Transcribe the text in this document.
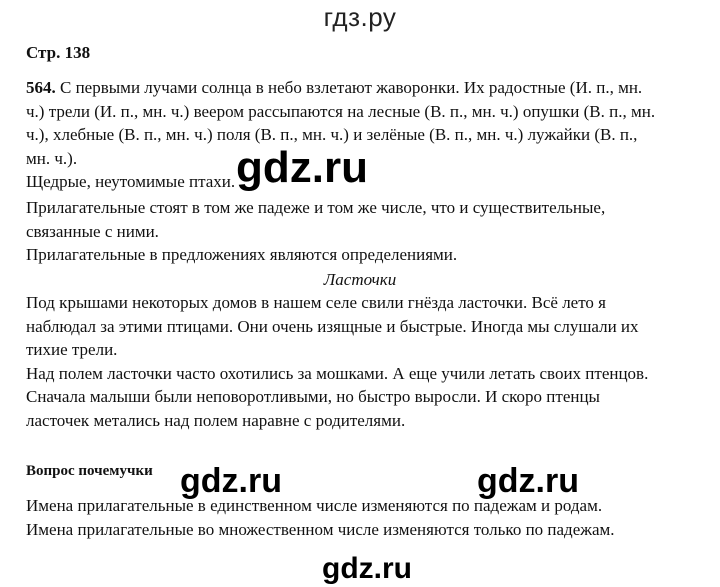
гдз.ру
Стр. 138

564. С первыми лучами солнца в небо взлетают жаворонки. Их радостные (И. п., мн.

ч.) трели (И. п., мн. ч.) веером рассыпаются на лесные (В. п., мн. ч.) опушки (В. п., мн.

ч.), хлебные (В. п., мн. ч.) поля (В. п., мн. ч.) и зелёные (В. п., мн. ч.) лужайки (В. п.,

мн. ч.).

Щедрые, неутомимые птахи.

Прилагательные стоят в том же падеже и том же числе, что и существительные,

связанные с ними.

Прилагательные в предложениях являются определениями.

Ласточки

Под крышами некоторых домов в нашем селе свили гнёзда ласточки. Всё лето я

наблюдал за этими птицами. Они очень изящные и быстрые. Иногда мы слушали их

тихие трели.

Над полем ласточки часто охотились за мошками. А еще учили летать своих птенцов.

Сначала малыши были неповоротливыми, но быстро выросли. И скоро птенцы

ласточек метались над полем наравне с родителями.

Вопрос почемучки

Имена прилагательные в единственном числе изменяются по падежам и родам.

Имена прилагательные во множественном числе изменяются только по падежам.

gdz.ru
gdz.ru	gdz.ru
gdz.ru
